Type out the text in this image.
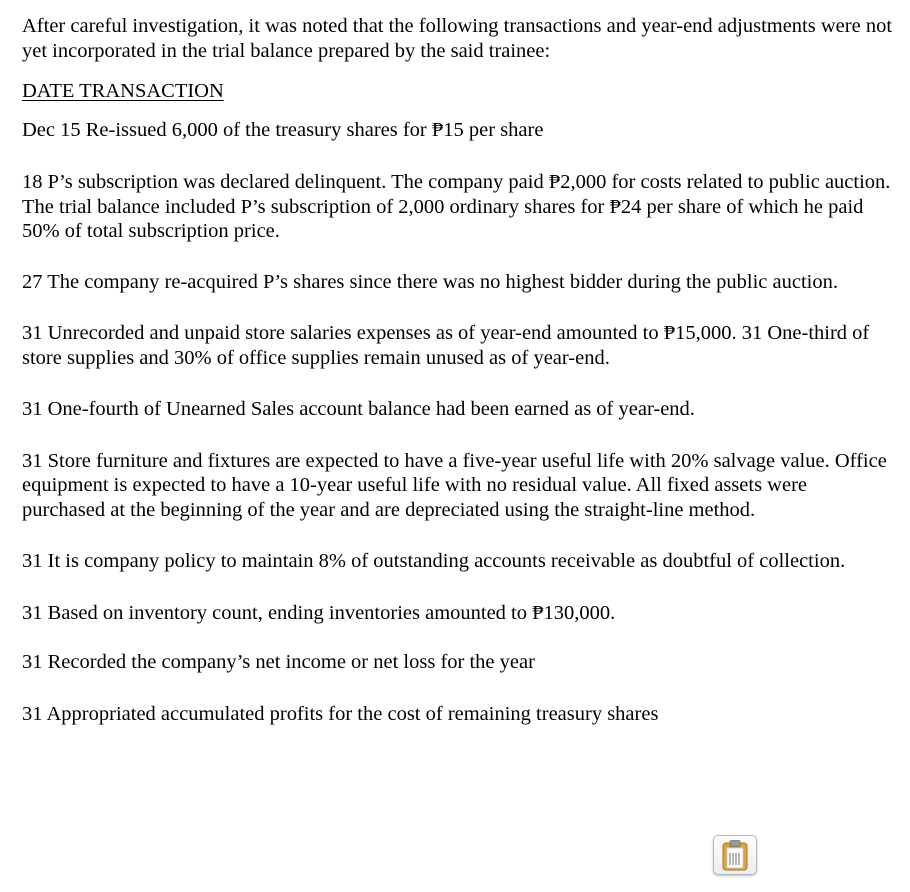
After careful investigation, it was noted that the following transactions and year-end adjustments were not yet incorporated in the trial balance prepared by the said trainee:

DATE TRANSACTION

Dec 15 Re-issued 6,000 of the treasury shares for ₱15 per share
18 P’s subscription was declared delinquent. The company paid ₱2,000 for costs related to public auction. The trial balance included P’s subscription of 2,000 ordinary shares for ₱24 per share of which he paid 50% of total subscription price.
27 The company re-acquired P’s shares since there was no highest bidder during the public auction.
31 Unrecorded and unpaid store salaries expenses as of year-end amounted to ₱15,000. 31 One-third of store supplies and 30% of office supplies remain unused as of year-end.
31 One-fourth of Unearned Sales account balance had been earned as of year-end.
31 Store furniture and fixtures are expected to have a five-year useful life with 20% salvage value. Office equipment is expected to have a 10-year useful life with no residual value. All fixed assets were purchased at the beginning of the year and are depreciated using the straight-line method.
31 It is company policy to maintain 8% of outstanding accounts receivable as doubtful of collection.
31 Based on inventory count, ending inventories amounted to ₱130,000.
31 Recorded the company’s net income or net loss for the year
31 Appropriated accumulated profits for the cost of remaining treasury shares
